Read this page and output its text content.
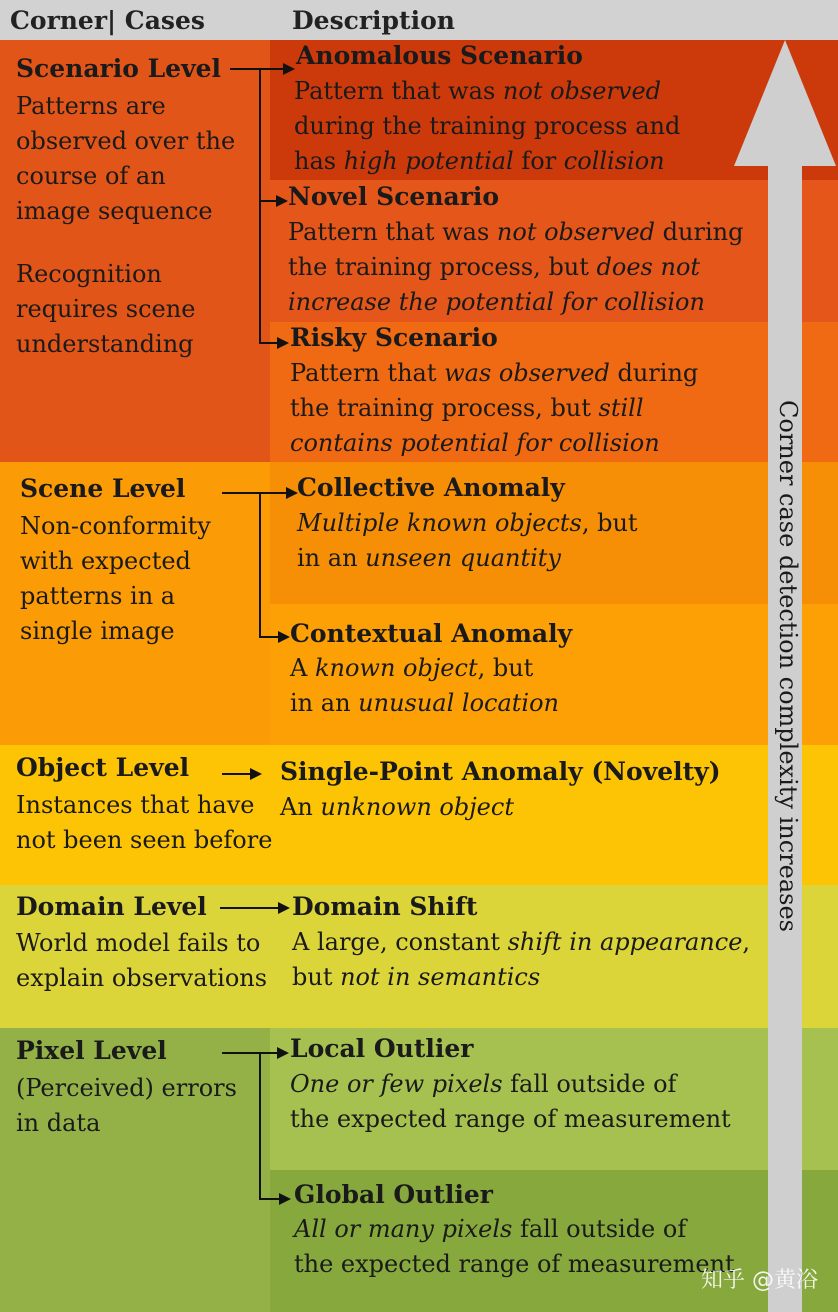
Corner| Cases	Description
Corner case detection complexity increases
Scenario Level

Patterns are observed over the course of an image sequence

Recognition requires scene understanding

Scene Level

Non-conformity with expected patterns in a single image

Object Level

Instances that have not been seen before

Domain Level

World model fails to explain observations

Pixel Level

(Perceived) errors in data

Anomalous Scenario
Pattern that was not observed
during the training process and
has high potential for collision
Novel Scenario
Pattern that was not observed during
the training process, but does not
increase the potential for collision
Risky Scenario
Pattern that was observed during
the training process, but still
contains potential for collision
Collective Anomaly
Multiple known objects, but
in an unseen quantity
Contextual Anomaly
A known object, but
in an unusual location
Single-Point Anomaly (Novelty)
An unknown object
Domain Shift
A large, constant shift in appearance,
but not in semantics
Local Outlier
One or few pixels fall outside of
the expected range of measurement
Global Outlier
All or many pixels fall outside of
the expected range of measurement
知乎 @黄浴
